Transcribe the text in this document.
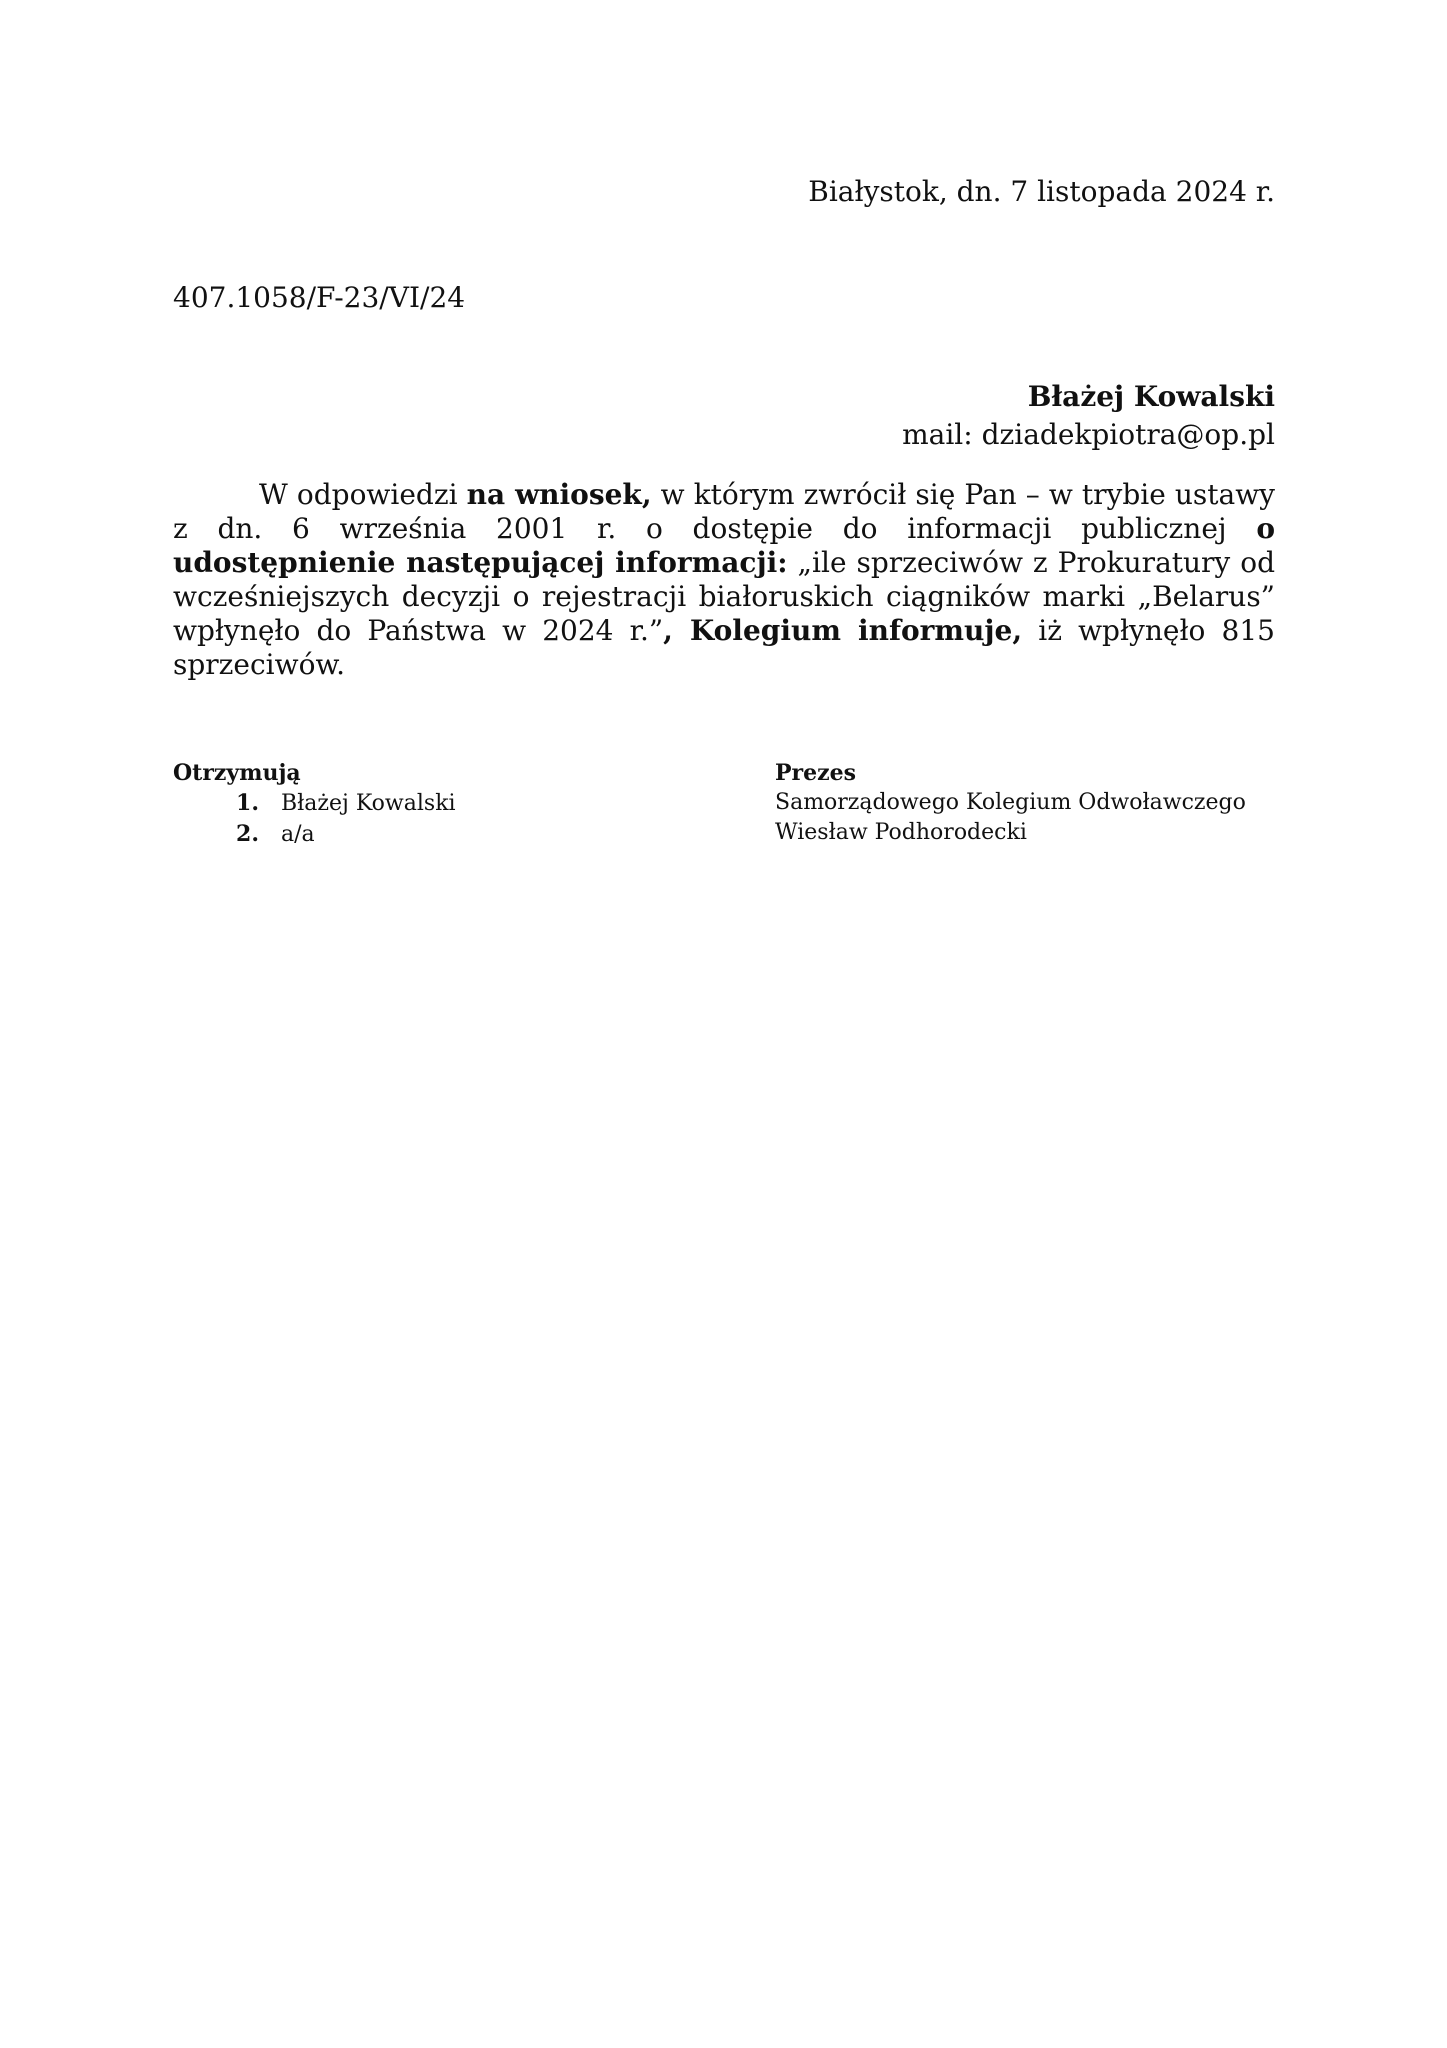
Białystok, dn. 7 listopada 2024 r.
407.1058/F-23/VI/24
Błażej Kowalski
mail: dziadekpiotra@op.pl

W odpowiedzi na wniosek, w którym zwrócił się Pan – w trybie ustawy z dn. 6 września 2001 r. o dostępie do informacji publicznej o udostępnienie następującej informacji: „ile sprzeciwów z Prokuratury od wcześniejszych decyzji o rejestracji białoruskich ciągników marki „Belarus” wpłynęło do Państwa w 2024 r.”, Kolegium informuje, iż wpłynęło 815 sprzeciwów.

Otrzymują
1.	Błażej Kowalski
2.	a/a
Prezes
Samorządowego Kolegium Odwoławczego
Wiesław Podhorodecki
